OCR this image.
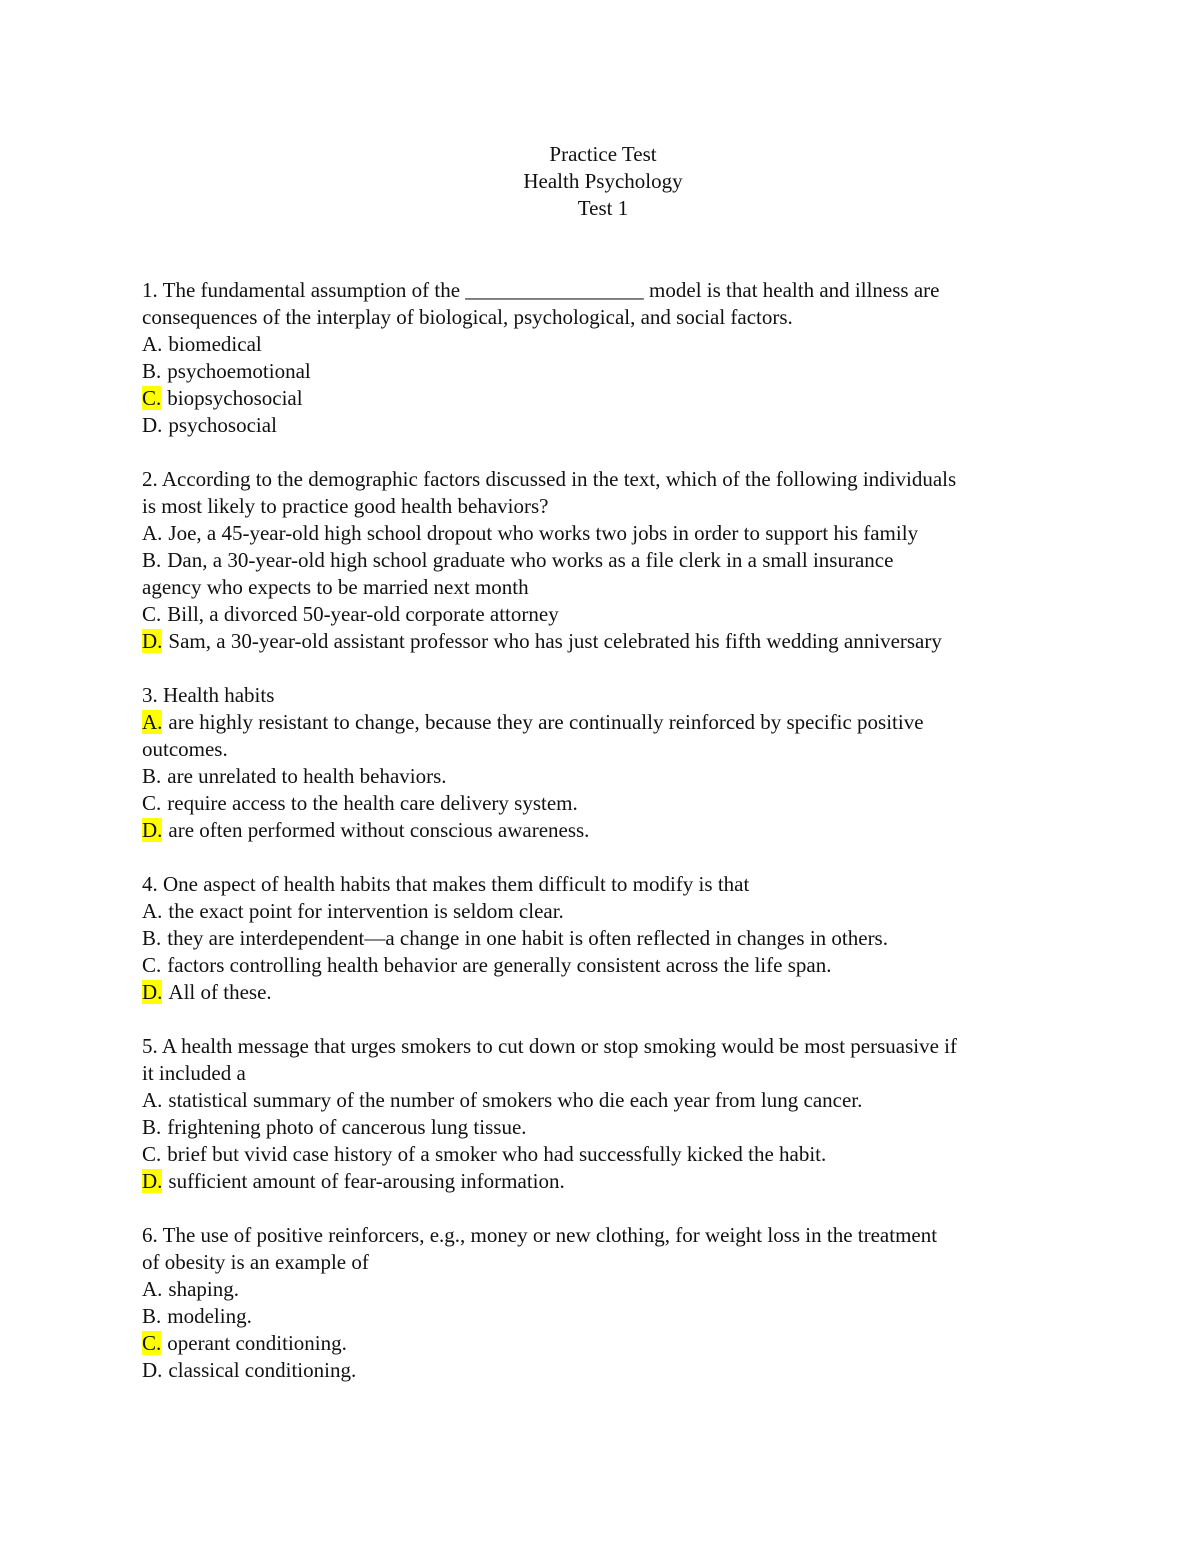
Practice Test
Health Psychology
Test 1
1. The fundamental assumption of the _________________ model is that health and illness are
consequences of the interplay of biological, psychological, and social factors.
A. biomedical
B. psychoemotional
C. biopsychosocial
D. psychosocial
2. According to the demographic factors discussed in the text, which of the following individuals
is most likely to practice good health behaviors?
A. Joe, a 45-year-old high school dropout who works two jobs in order to support his family
B. Dan, a 30-year-old high school graduate who works as a file clerk in a small insurance
agency who expects to be married next month
C. Bill, a divorced 50-year-old corporate attorney
D. Sam, a 30-year-old assistant professor who has just celebrated his fifth wedding anniversary
3. Health habits
A. are highly resistant to change, because they are continually reinforced by specific positive
outcomes.
B. are unrelated to health behaviors.
C. require access to the health care delivery system.
D. are often performed without conscious awareness.
4. One aspect of health habits that makes them difficult to modify is that
A. the exact point for intervention is seldom clear.
B. they are interdependent—a change in one habit is often reflected in changes in others.
C. factors controlling health behavior are generally consistent across the life span.
D. All of these.
5. A health message that urges smokers to cut down or stop smoking would be most persuasive if
it included a
A. statistical summary of the number of smokers who die each year from lung cancer.
B. frightening photo of cancerous lung tissue.
C. brief but vivid case history of a smoker who had successfully kicked the habit.
D. sufficient amount of fear-arousing information.
6. The use of positive reinforcers, e.g., money or new clothing, for weight loss in the treatment
of obesity is an example of
A. shaping.
B. modeling.
C. operant conditioning.
D. classical conditioning.
